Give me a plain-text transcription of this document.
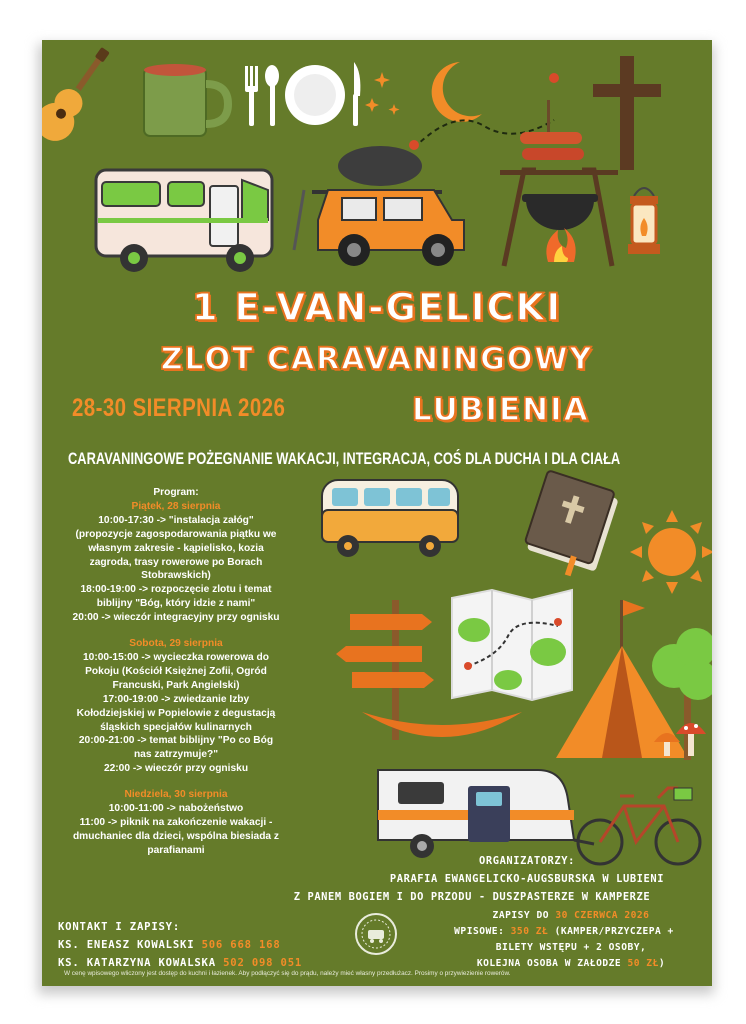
1 E-VAN-GELICKI
ZLOT CARAVANINGOWY
28-30 SIERPNIA 2026	LUBIENIA
CARAVANINGOWE POŻEGNANIE WAKACJI, INTEGRACJA, COŚ DLA DUCHA I DLA CIAŁA
Program:
Piątek, 28 sierpnia
10:00-17:30 -> "instalacja załóg"
(propozycje zagospodarowania piątku we
własnym zakresie - kąpielisko, kozia
zagroda, trasy rowerowe po Borach
Stobrawskich)
18:00-19:00 -> rozpoczęcie zlotu i temat
biblijny "Bóg, który idzie z nami"
20:00 -> wieczór integracyjny przy ognisku
Sobota, 29 sierpnia
10:00-15:00 -> wycieczka rowerowa do
Pokoju (Kościół Księżnej Zofii, Ogród
Francuski, Park Angielski)
17:00-19:00 -> zwiedzanie Izby
Kołodziejskiej w Popielowie z degustacją
śląskich specjałów kulinarnych
20:00-21:00 -> temat biblijny "Po co Bóg
nas zatrzymuje?"
22:00 -> wieczór przy ognisku
Niedziela, 30 sierpnia
10:00-11:00 -> nabożeństwo
11:00 -> piknik na zakończenie wakacji -
dmuchaniec dla dzieci, wspólna biesiada z
parafianami
ORGANIZATORZY:
PARAFIA EWANGELICKO-AUGSBURSKA W LUBIENI
Z PANEM BOGIEM I DO PRZODU - DUSZPASTERZE W KAMPERZE
KONTAKT I ZAPISY:
KS. ENEASZ KOWALSKI 506 668 168
KS. KATARZYNA KOWALSKA 502 098 051
ZAPISY DO 30 CZERWCA 2026
WPISOWE: 350 ZŁ (KAMPER/PRZYCZEPA +
BILETY WSTĘPU + 2 OSOBY,
KOLEJNA OSOBA W ZAŁODZE 50 ZŁ)
W cenę wpisowego wliczony jest dostęp do kuchni i łazienek. Aby podłączyć się do prądu, należy mieć własny przedłużacz. Prosimy o przywiezienie rowerów.
